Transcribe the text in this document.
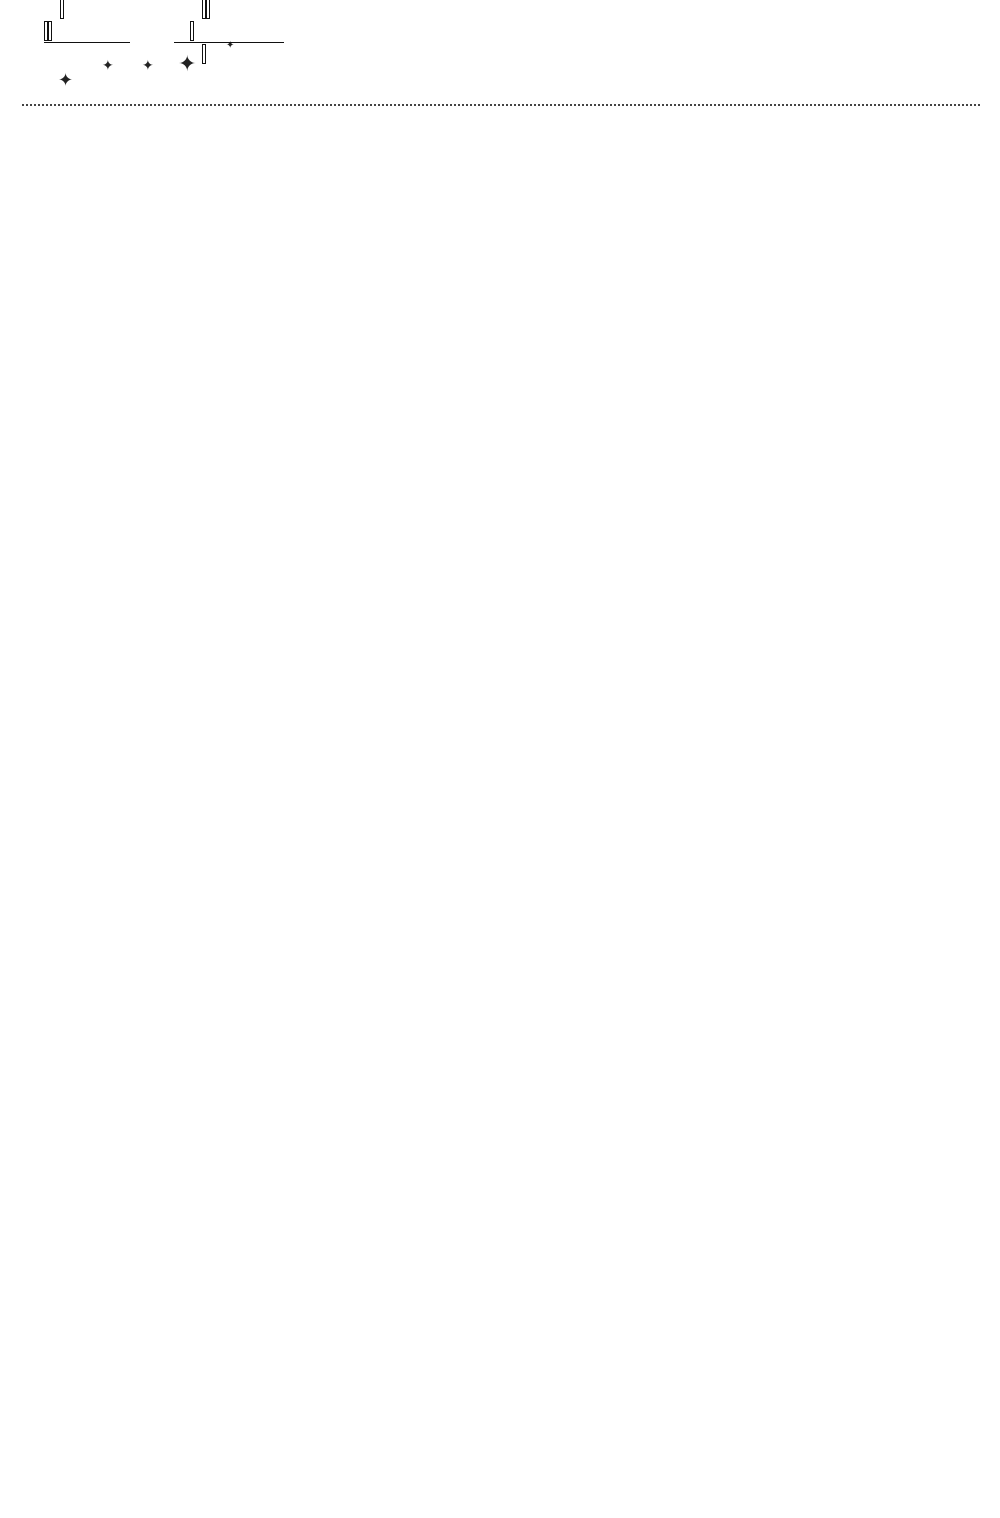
✦
✦ ✦ ✦
✦
